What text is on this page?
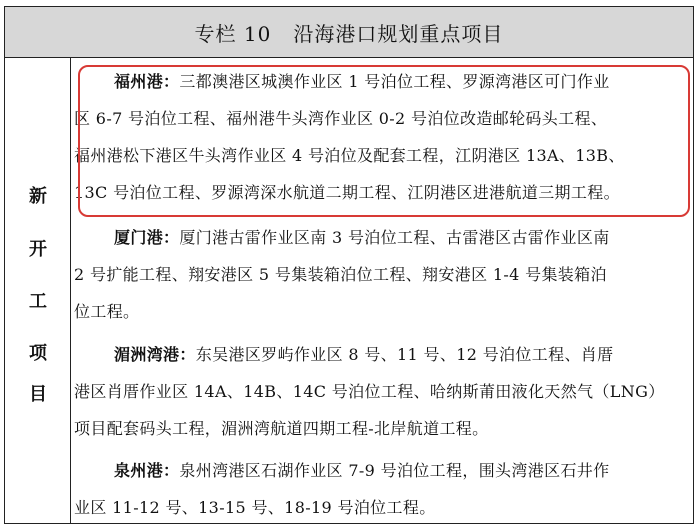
专栏 10   沿海港口规划重点项目
新
开
工
项
目
福州港：三都澳港区城澳作业区 1 号泊位工程、罗源湾港区可门作业
区 6-7 号泊位工程、福州港牛头湾作业区 0-2 号泊位改造邮轮码头工程、
福州港松下港区牛头湾作业区 4 号泊位及配套工程，江阴港区 13A、13B、
13C 号泊位工程、罗源湾深水航道二期工程、江阴港区进港航道三期工程。
厦门港：厦门港古雷作业区南 3 号泊位工程、古雷港区古雷作业区南
2 号扩能工程、翔安港区 5 号集装箱泊位工程、翔安港区 1-4 号集装箱泊
位工程。
湄洲湾港：东吴港区罗屿作业区 8 号、11 号、12 号泊位工程、肖厝
港区肖厝作业区 14A、14B、14C 号泊位工程、哈纳斯莆田液化天然气（LNG）
项目配套码头工程，湄洲湾航道四期工程-北岸航道工程。
泉州港：泉州湾港区石湖作业区 7-9 号泊位工程，围头湾港区石井作
业区 11-12 号、13-15 号、18-19 号泊位工程。
